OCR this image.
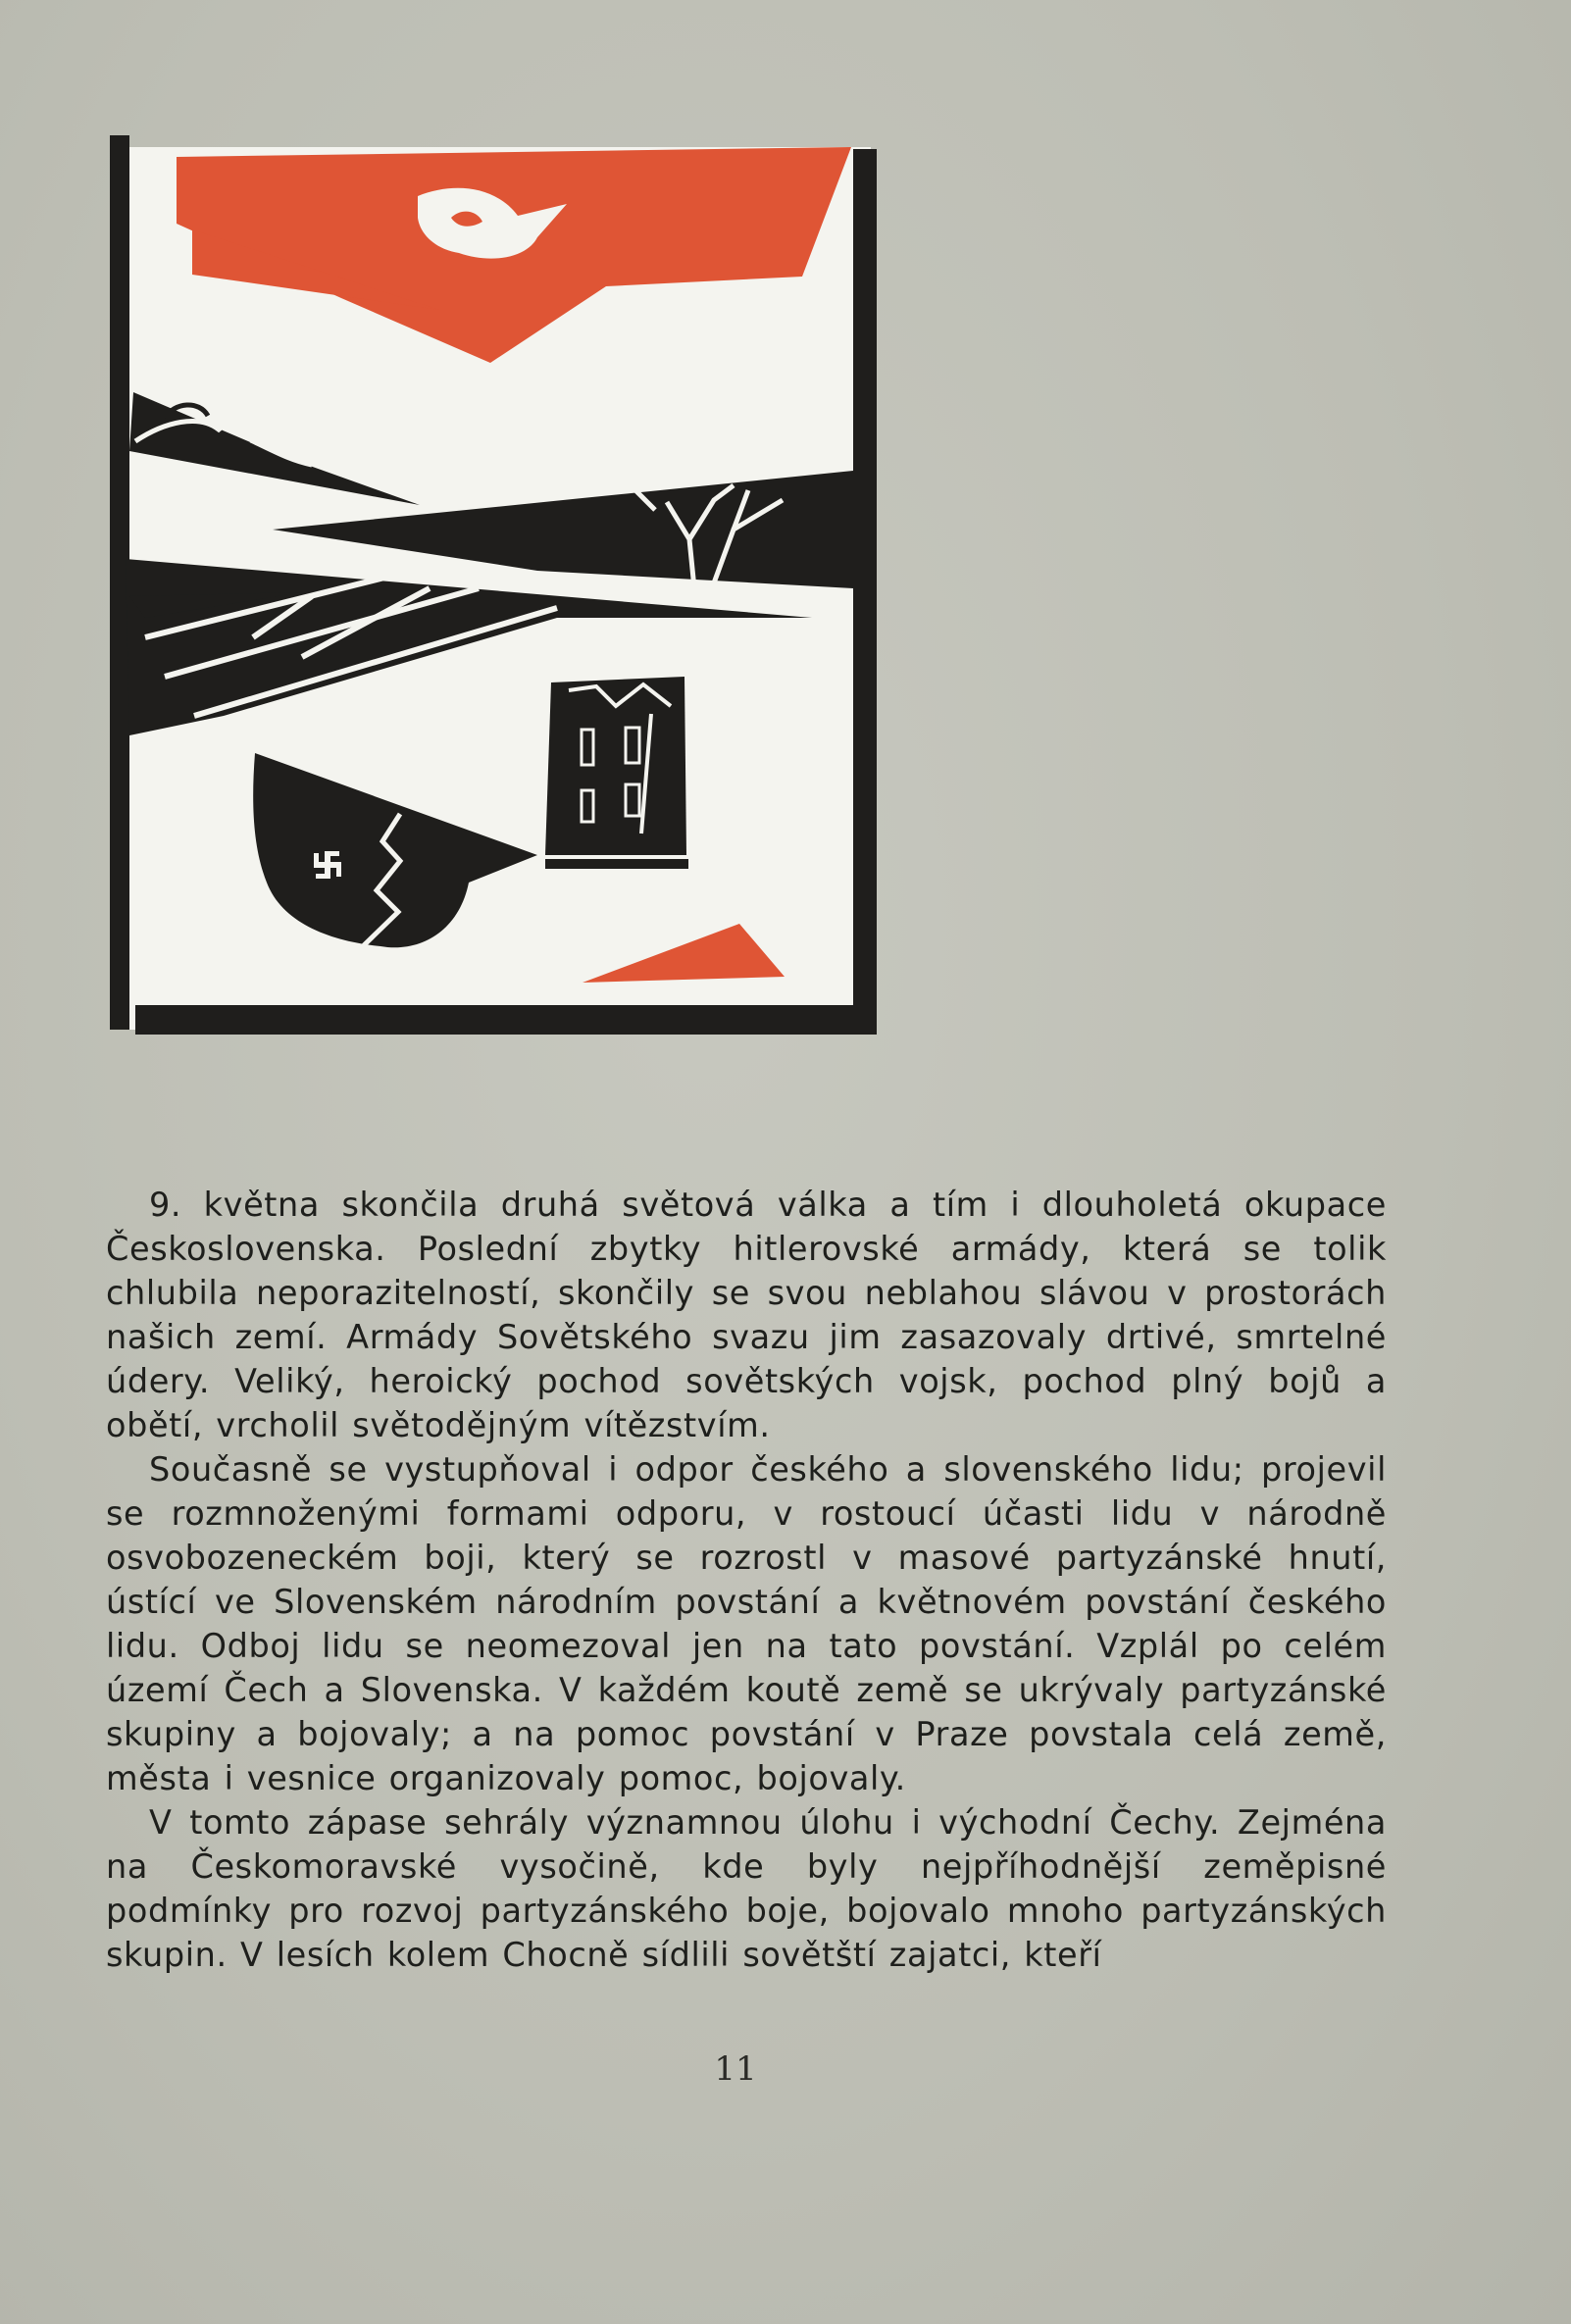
9. května skončila druhá světová válka a tím i dlouholetá okupace Československa. Poslední zbytky hitlerovské armády, která se tolik chlubila neporazitelností, skončily se svou neblahou slávou v prostorách našich zemí. Armády Sovětského svazu jim zasazovaly drtivé, smrtelné údery. Veliký, heroický pochod sovětských vojsk, pochod plný bojů a obětí, vrcholil světodějným vítězstvím.

Současně se vystupňoval i odpor českého a slovenského lidu; projevil se rozmnoženými formami odporu, v rostoucí účasti lidu v národně osvobozeneckém boji, který se rozrostl v masové partyzánské hnutí, ústící ve Slovenském národním povstání a květnovém povstání českého lidu. Odboj lidu se neomezoval jen na tato povstání. Vzplál po celém území Čech a Slovenska. V každém koutě země se ukrývaly partyzánské skupiny a bojovaly; a na pomoc povstání v Praze povstala celá země, města i vesnice organizovaly pomoc, bojovaly.

V tomto zápase sehrály významnou úlohu i východní Čechy. Zejména na Českomoravské vysočině, kde byly nejpříhodnější zeměpisné podmínky pro rozvoj partyzánského boje, bojovalo mnoho partyzánských skupin. V lesích kolem Chocně sídlili sovětští zajatci, kteří

11
